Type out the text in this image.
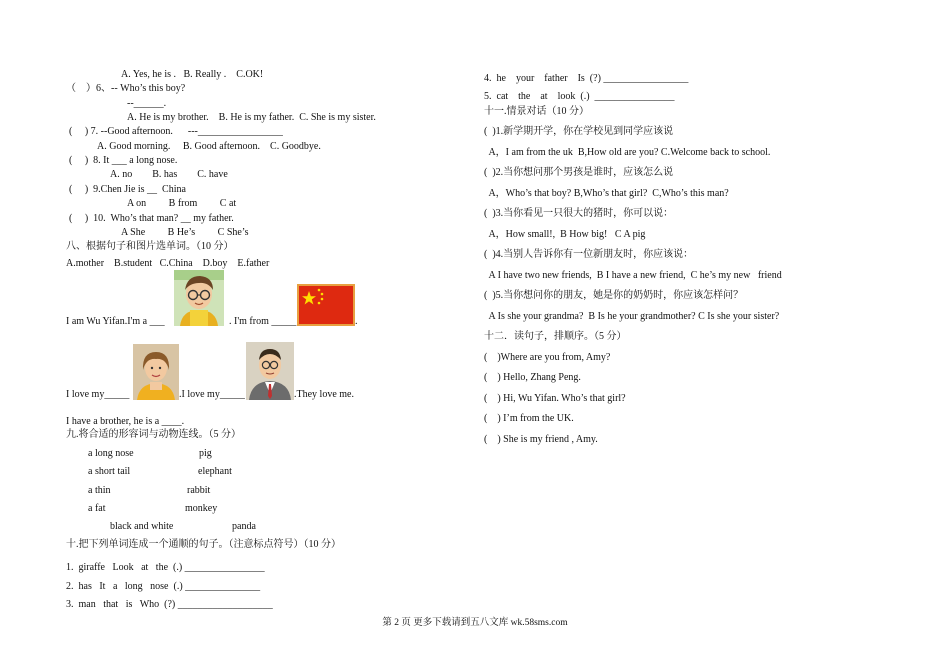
A. Yes, he is .   B. Really .    C.OK!
（    ）6、-- Who’s this boy?
--______.
A. He is my brother.    B. He is my father.  C. She is my sister.
(     ) 7. --Good afternoon.      ---_________________
A. Good morning.     B. Good afternoon.    C. Goodbye.
(     )  8. It ___ a long nose.
A. no        B. has        C. have
(     )  9.Chen Jie is __  China
A on         B from         C at
(     )  10.  Who’s that man? __ my father.
A She         B He’s         C She’s
八、根据句子和图片选单词。（10 分）
A.mother    B.student   C.China    D.boy    E.father
I am Wu Yifan.I'm a ___	. I'm from _____	.
I love my_____	.I love my_____	.They love me.
I have a brother, he is a ____.
九.将合适的形容词与动物连线。（5 分）
a long nose	pig
a short tail	elephant
a thin	rabbit
a fat	monkey
black and white	panda
十.把下列单词连成一个通顺的句子。（注意标点符号）（10 分）
1.  giraffe   Look   at   the  (.) ________________
2.  has   It   a   long   nose  (.) _______________
3.  man   that   is   Who  (?) ___________________
4.  he    your    father    Is  (?) _________________
5.  cat    the    at    look  (.)  ________________
十一.情景对话（10 分）
(  )1.新学期开学，你在学校见到同学应该说
A，I am from the uk  B,How old are you? C.Welcome back to school.
(  )2.当你想问那个男孩是谁时，应该怎么说
A，Who’s that boy? B,Who’s that girl?  C,Who’s this man?
(  )3.当你看见一只很大的猪时，你可以说：
A，How small!,  B How big!   C A pig
(  )4.当别人告诉你有一位新朋友时，你应该说：
A I have two new friends,  B I have a new friend,  C he’s my new   friend
(  )5.当你想问你的朋友，她是你的奶奶时，你应该怎样问？
A Is she your grandma?  B Is he your grandmother? C Is she your sister?
十二．读句子，排顺序。（5 分）
(    )Where are you from, Amy?
(    ) Hello, Zhang Peng.
(    ) Hi, Wu Yifan. Who’s that girl?
(    ) I’m from the UK.
(    ) She is my friend , Amy.
第 2 页 更多下载请到五八文库 wk.58sms.com
